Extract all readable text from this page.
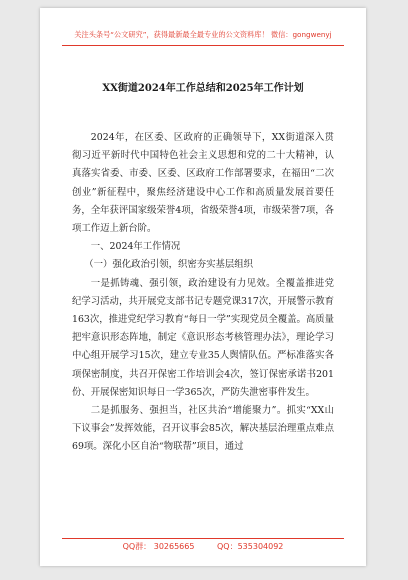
关注头条号“公文研究”，获得最新最全最专业的公文资料库！ 微信：gongwenyj
XX街道2024年工作总结和2025年工作计划

2024年，在区委、区政府的正确领导下，XX街道深入贯彻习近平新时代中国特色社会主义思想和党的二十大精神，认真落实省委、市委、区委、区政府工作部署要求，在福田“二次创业”新征程中，聚焦经济建设中心工作和高质量发展首要任务，全年获评国家级荣誉4项，省级荣誉4项，市级荣誉7项，各项工作迈上新台阶。

一、2024年工作情况
（一）强化政治引领，织密夯实基层组织

一是抓铸魂、强引领，政治建设有力见效。全覆盖推进党纪学习活动，共开展党支部书记专题党课317次，开展警示教育163次，推进党纪学习教育“每日一学”实现党员全覆盖。高质量把牢意识形态阵地，制定《意识形态考核管理办法》，理论学习中心组开展学习15次，建立专业35人舆情队伍。严标准落实各项保密制度，共召开保密工作培训会4次，签订保密承诺书201份、开展保密知识每日一学365次，严防失泄密事件发生。

二是抓服务、强担当，社区共治“增能聚力”。抓实“XX山下议事会”发挥效能，召开议事会85次，解决基层治理重点难点69项。深化小区自治“物联帮”项目，通过

QQ群： 30265665	QQ：535304092
